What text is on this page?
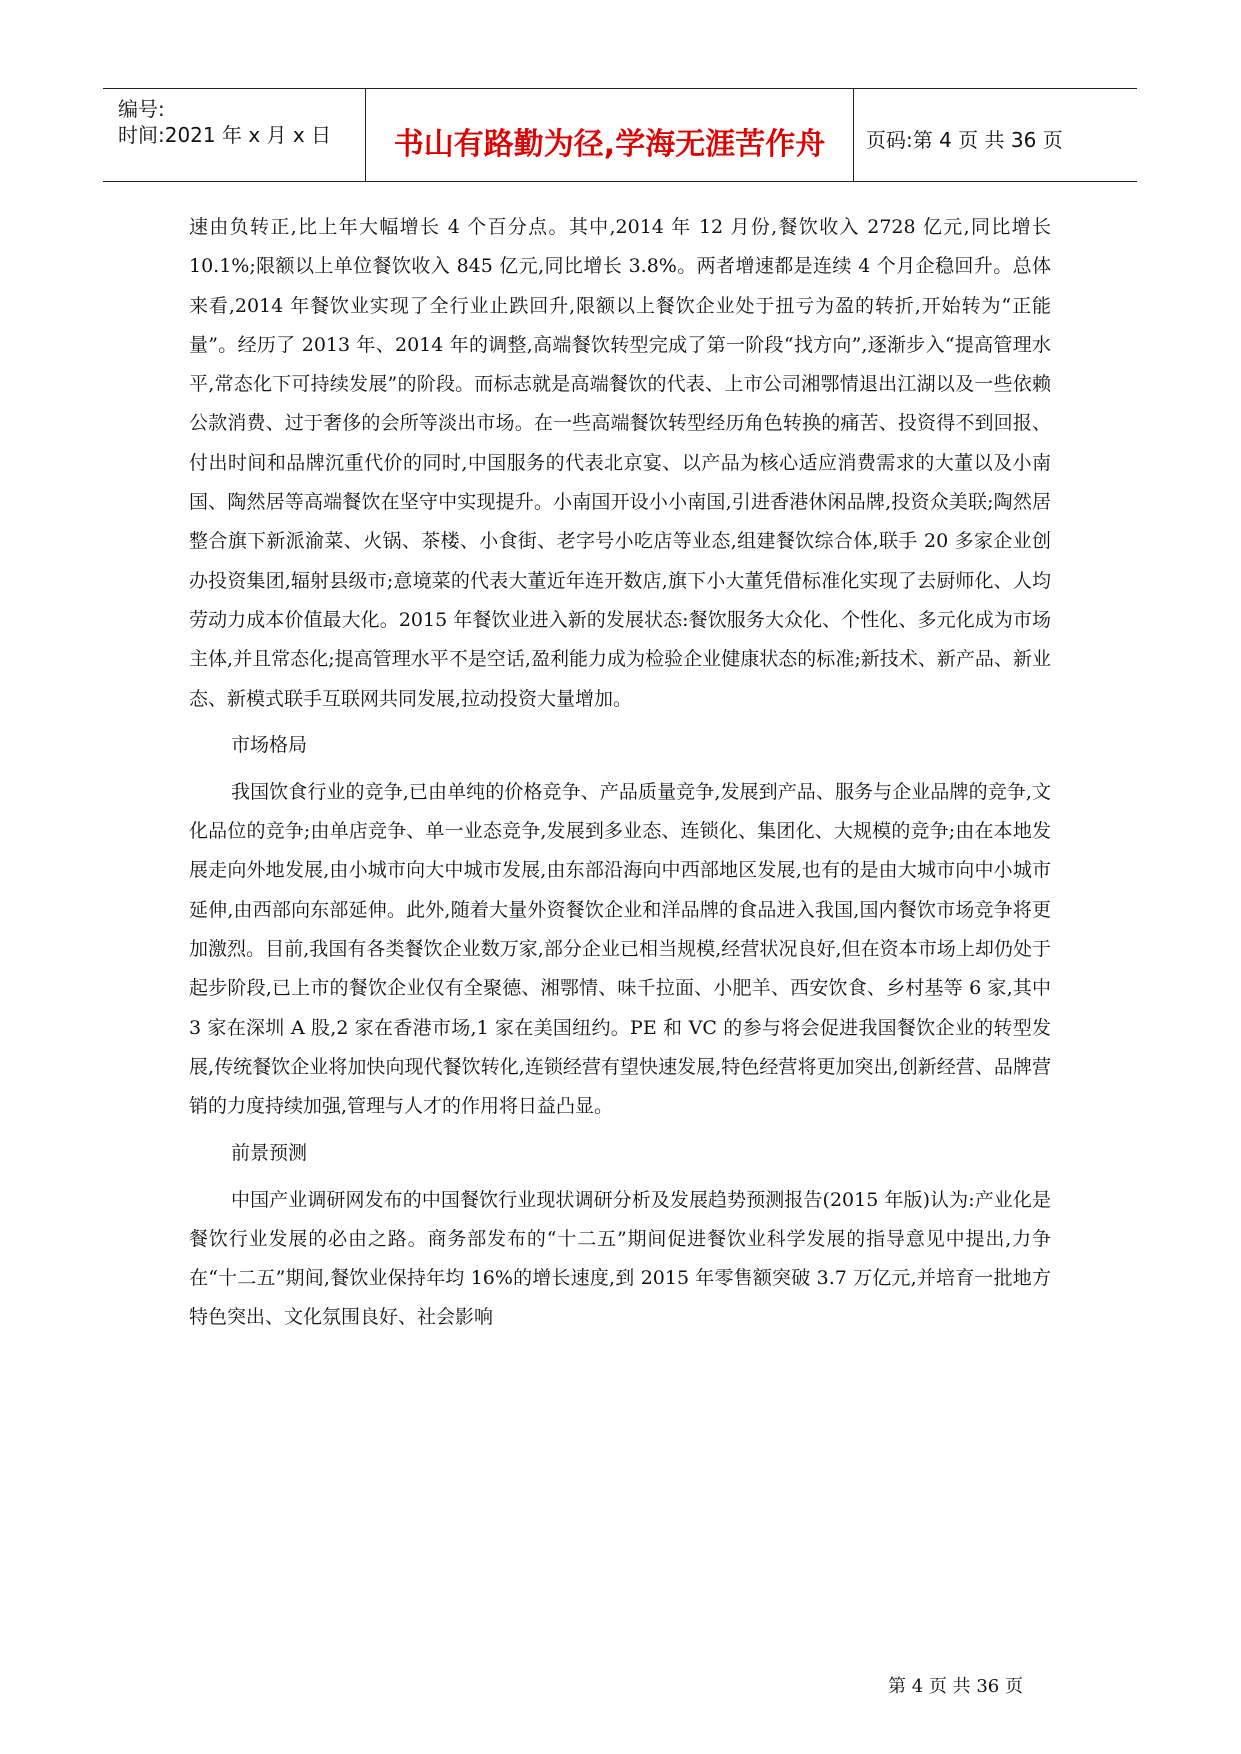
编号:
时间:2021 年 x 月 x 日	书山有路勤为径,学海无涯苦作舟	页码:第 4 页 共 36 页

速由负转正,比上年大幅增长 4 个百分点。其中,2014 年 12 月份,餐饮收入 2728 亿元,同比增长 10.1%;限额以上单位餐饮收入 845 亿元,同比增长 3.8%。两者增速都是连续 4 个月企稳回升。总体来看,2014 年餐饮业实现了全行业止跌回升,限额以上餐饮企业处于扭亏为盈的转折,开始转为“正能量”。经历了 2013 年、2014 年的调整,高端餐饮转型完成了第一阶段“找方向”,逐渐步入“提高管理水平,常态化下可持续发展”的阶段。而标志就是高端餐饮的代表、上市公司湘鄂情退出江湖以及一些依赖公款消费、过于奢侈的会所等淡出市场。在一些高端餐饮转型经历角色转换的痛苦、投资得不到回报、付出时间和品牌沉重代价的同时,中国服务的代表北京宴、以产品为核心适应消费需求的大董以及小南国、陶然居等高端餐饮在坚守中实现提升。小南国开设小小南国,引进香港休闲品牌,投资众美联;陶然居整合旗下新派渝菜、火锅、茶楼、小食街、老字号小吃店等业态,组建餐饮综合体,联手 20 多家企业创办投资集团,辐射县级市;意境菜的代表大董近年连开数店,旗下小大董凭借标准化实现了去厨师化、人均劳动力成本价值最大化。2015 年餐饮业进入新的发展状态:餐饮服务大众化、个性化、多元化成为市场主体,并且常态化;提高管理水平不是空话,盈利能力成为检验企业健康状态的标准;新技术、新产品、新业态、新模式联手互联网共同发展,拉动投资大量增加。

市场格局

我国饮食行业的竞争,已由单纯的价格竞争、产品质量竞争,发展到产品、服务与企业品牌的竞争,文化品位的竞争;由单店竞争、单一业态竞争,发展到多业态、连锁化、集团化、大规模的竞争;由在本地发展走向外地发展,由小城市向大中城市发展,由东部沿海向中西部地区发展,也有的是由大城市向中小城市延伸,由西部向东部延伸。此外,随着大量外资餐饮企业和洋品牌的食品进入我国,国内餐饮市场竞争将更加激烈。目前,我国有各类餐饮企业数万家,部分企业已相当规模,经营状况良好,但在资本市场上却仍处于起步阶段,已上市的餐饮企业仅有全聚德、湘鄂情、味千拉面、小肥羊、西安饮食、乡村基等 6 家,其中 3 家在深圳 A 股,2 家在香港市场,1 家在美国纽约。PE 和 VC 的参与将会促进我国餐饮企业的转型发展,传统餐饮企业将加快向现代餐饮转化,连锁经营有望快速发展,特色经营将更加突出,创新经营、品牌营销的力度持续加强,管理与人才的作用将日益凸显。

前景预测

中国产业调研网发布的中国餐饮行业现状调研分析及发展趋势预测报告(2015 年版)认为:产业化是餐饮行业发展的必由之路。商务部发布的“十二五”期间促进餐饮业科学发展的指导意见中提出,力争在“十二五”期间,餐饮业保持年均 16%的增长速度,到 2015 年零售额突破 3.7 万亿元,并培育一批地方特色突出、文化氛围良好、社会影响

第 4 页 共 36 页
